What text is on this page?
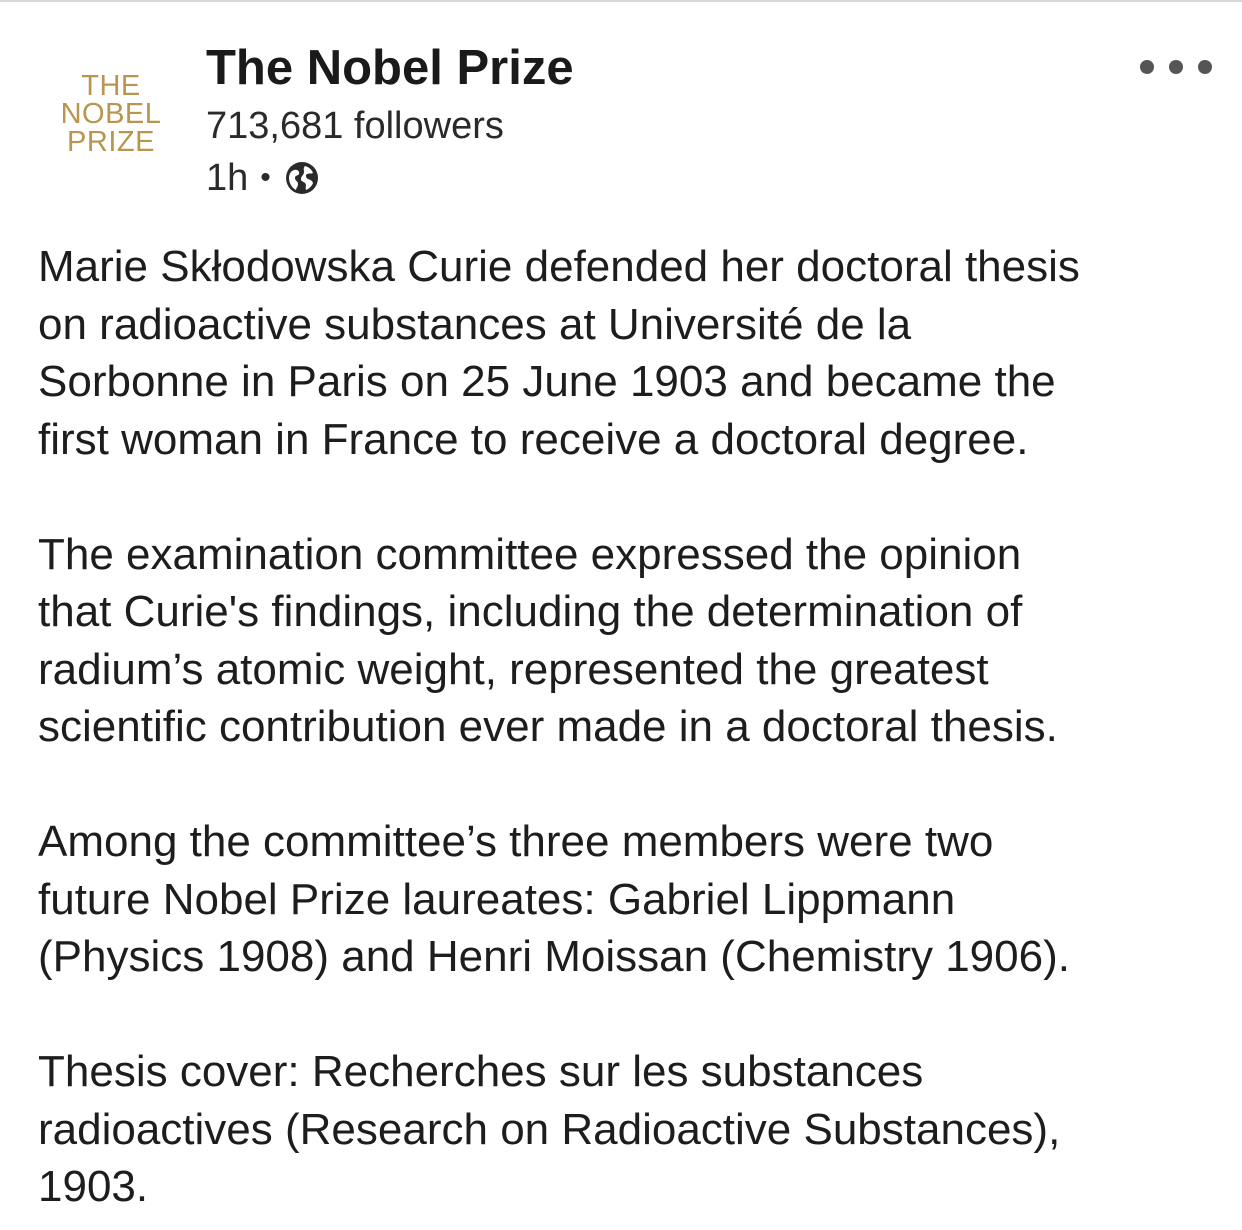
THE
NOBEL
PRIZE
The Nobel Prize
713,681 followers
1h •

Marie Skłodowska Curie defended her doctoral thesis
on radioactive substances at Université de la
Sorbonne in Paris on 25 June 1903 and became the
first woman in France to receive a doctoral degree.

The examination committee expressed the opinion
that Curie's findings, including the determination of
radium’s atomic weight, represented the greatest
scientific contribution ever made in a doctoral thesis.

Among the committee’s three members were two
future Nobel Prize laureates: Gabriel Lippmann
(Physics 1908) and Henri Moissan (Chemistry 1906).

Thesis cover: Recherches sur les substances
radioactives (Research on Radioactive Substances),
1903.
